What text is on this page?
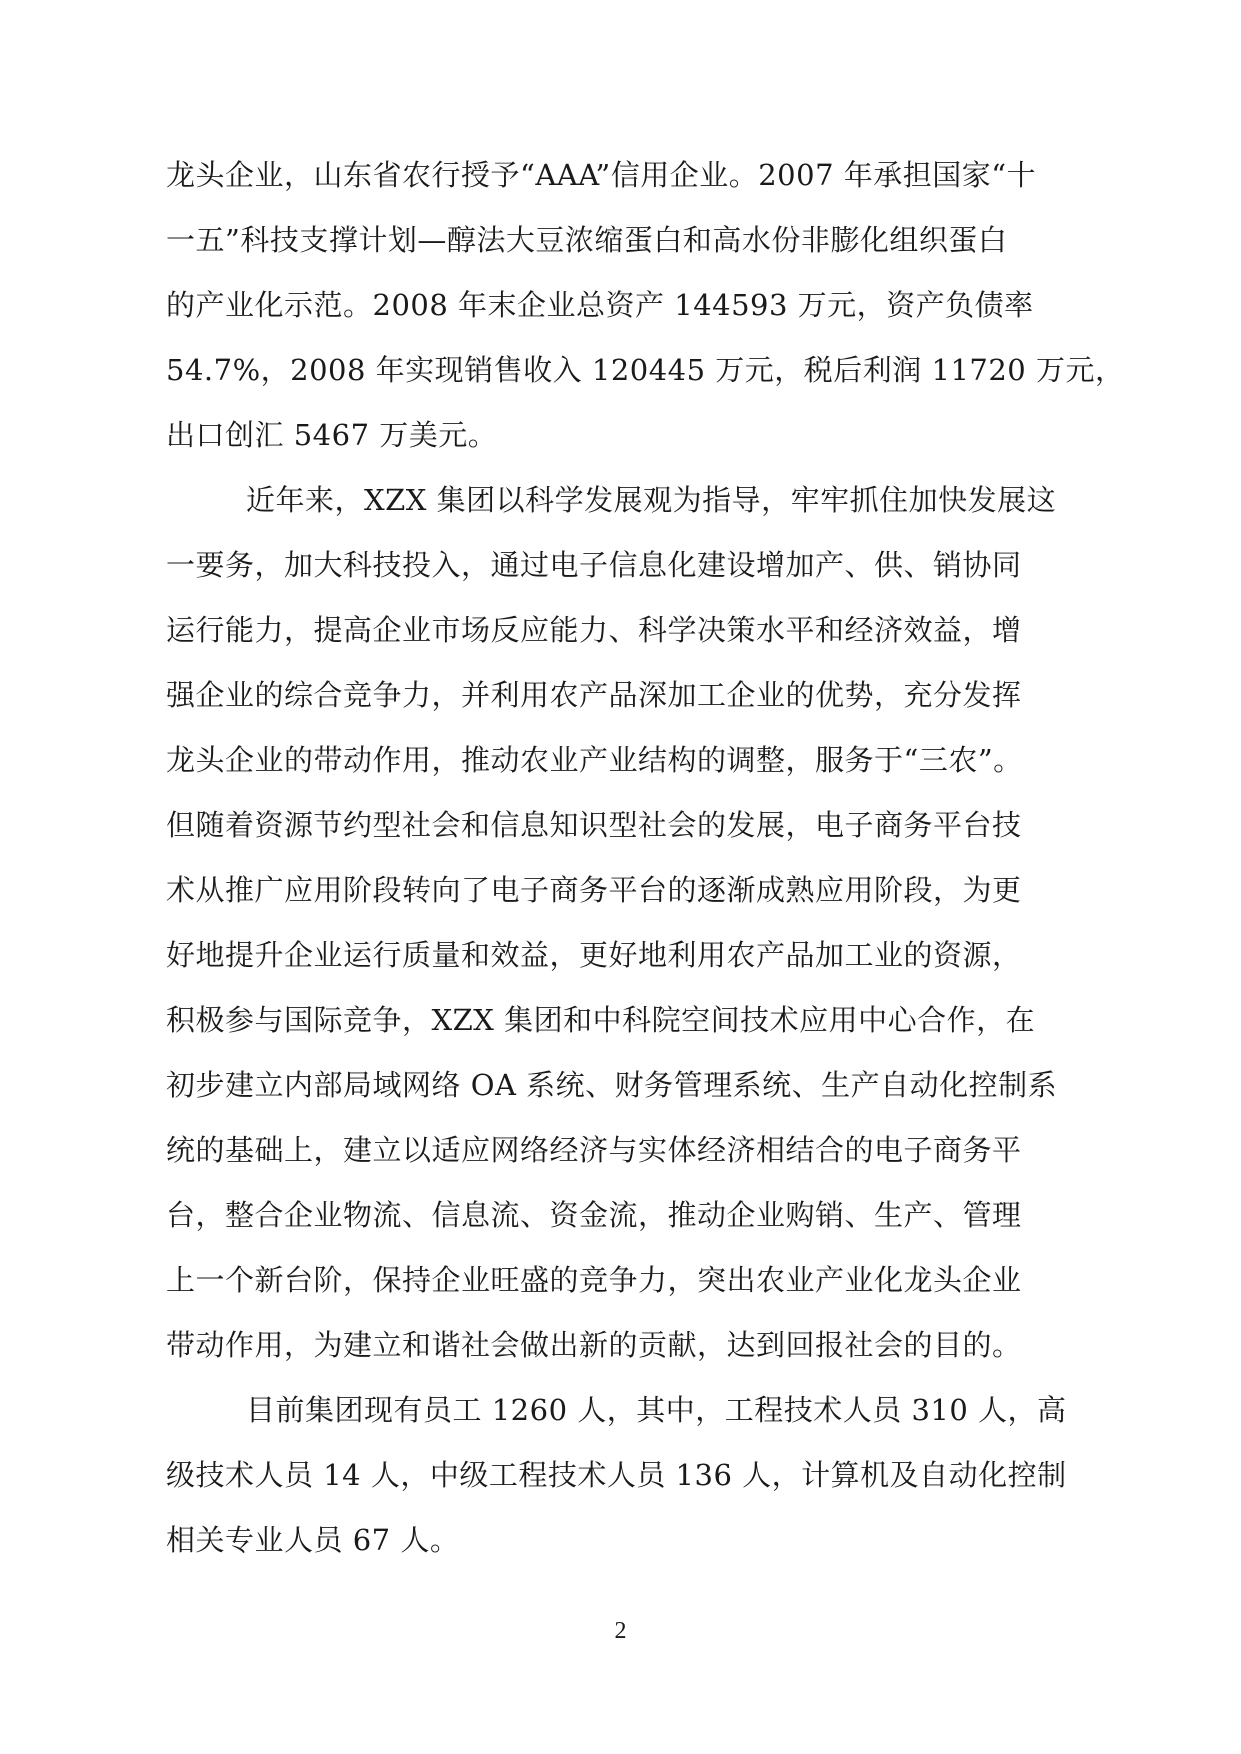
龙头企业，山东省农行授予“AAA”信用企业。2007 年承担国家“十
一五”科技支撑计划—醇法大豆浓缩蛋白和高水份非膨化组织蛋白
的产业化示范。2008 年末企业总资产 144593 万元，资产负债率
54.7%，2008 年实现销售收入 120445 万元，税后利润 11720 万元，
出口创汇 5467 万美元。
近年来，XZX 集团以科学发展观为指导，牢牢抓住加快发展这
一要务，加大科技投入，通过电子信息化建设增加产、供、销协同
运行能力，提高企业市场反应能力、科学决策水平和经济效益，增
强企业的综合竞争力，并利用农产品深加工企业的优势，充分发挥
龙头企业的带动作用，推动农业产业结构的调整，服务于“三农”。
但随着资源节约型社会和信息知识型社会的发展，电子商务平台技
术从推广应用阶段转向了电子商务平台的逐渐成熟应用阶段，为更
好地提升企业运行质量和效益，更好地利用农产品加工业的资源，
积极参与国际竞争，XZX 集团和中科院空间技术应用中心合作，在
初步建立内部局域网络 OA 系统、财务管理系统、生产自动化控制系
统的基础上，建立以适应网络经济与实体经济相结合的电子商务平
台，整合企业物流、信息流、资金流，推动企业购销、生产、管理
上一个新台阶，保持企业旺盛的竞争力，突出农业产业化龙头企业
带动作用，为建立和谐社会做出新的贡献，达到回报社会的目的。
目前集团现有员工 1260 人，其中，工程技术人员 310 人，高
级技术人员 14 人，中级工程技术人员 136 人，计算机及自动化控制
相关专业人员 67 人。
2
